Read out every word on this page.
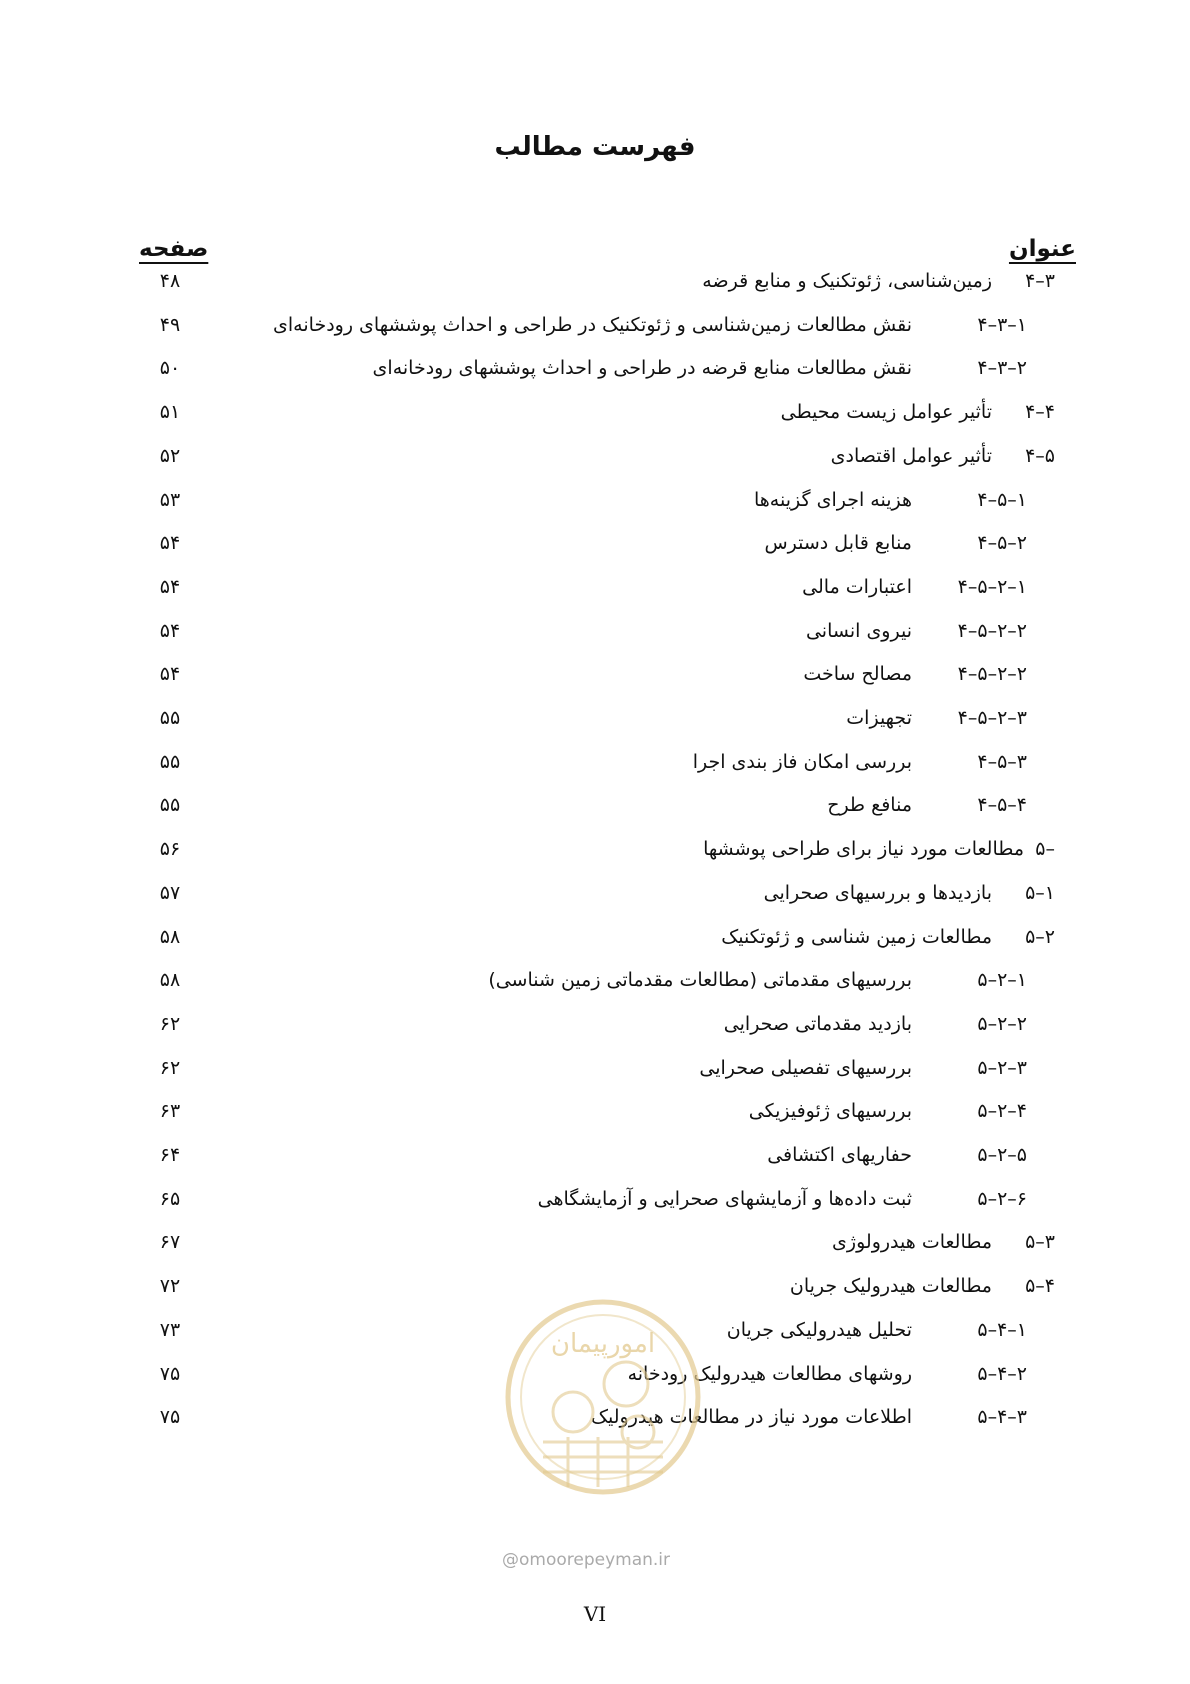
فهرست مطالب
عنوان
صفحه
۴–۳
زمین‌شناسی، ژئوتکنیک و منابع قرضه
۴۸
۴–۳–۱
نقش مطالعات زمین‌شناسی و ژئوتکنیک در طراحی و احداث پوششهای رودخانه‌ای
۴۹
۴–۳–۲
نقش مطالعات منابع قرضه در طراحی و احداث پوششهای رودخانه‌ای
۵۰
۴–۴
تأثیر عوامل زیست محیطی
۵۱
۴–۵
تأثیر عوامل اقتصادی
۵۲
۴–۵–۱
هزینه اجرای گزینه‌ها
۵۳
۴–۵–۲
منابع قابل دسترس
۵۴
۴–۵–۲–۱
اعتبارات مالی
۵۴
۴–۵–۲–۲
نیروی انسانی
۵۴
۴–۵–۲–۲
مصالح ساخت
۵۴
۴–۵–۲–۳
تجهیزات
۵۵
۴–۵–۳
بررسی امکان فاز بندی اجرا
۵۵
۴–۵–۴
منافع طرح
۵۵
۵–
مطالعات مورد نیاز برای طراحی پوششها
۵۶
۵–۱
بازدیدها و بررسیهای صحرایی
۵۷
۵–۲
مطالعات زمین شناسی و ژئوتکنیک
۵۸
۵–۲–۱
بررسیهای مقدماتی (مطالعات مقدماتی زمین شناسی)
۵۸
۵–۲–۲
بازدید مقدماتی صحرایی
۶۲
۵–۲–۳
بررسیهای تفصیلی صحرایی
۶۲
۵–۲–۴
بررسیهای ژئوفیزیکی
۶۳
۵–۲–۵
حفاریهای اکتشافی
۶۴
۵–۲–۶
ثبت داده‌ها و آزمایشهای صحرایی و آزمایشگاهی
۶۵
۵–۳
مطالعات هیدرولوژی
۶۷
۵–۴
مطالعات هیدرولیک جریان
۷۲
۵–۴–۱
تحلیل هیدرولیکی جریان
۷۳
۵–۴–۲
روشهای مطالعات هیدرولیک رودخانه
۷۵
۵–۴–۳
اطلاعات مورد نیاز در مطالعات هیدرولیک
۷۵
امورپیمان
@omoorepeyman.ir
VI
